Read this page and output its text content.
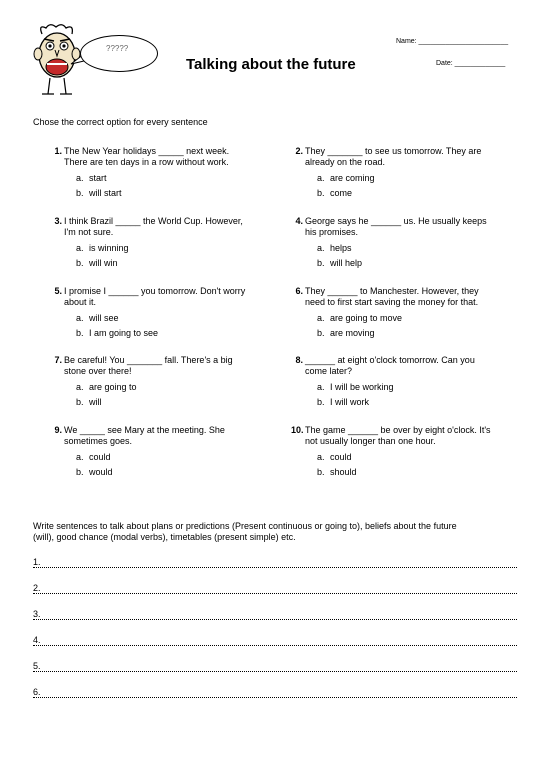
?????
Name: _______________________
Date: _____________
Talking about the future
Chose the correct option for every sentence
1. The New Year holidays _____ next week.
There are ten days in a row without work.
a. start
b. will start
2. They _______ to see us tomorrow. They are
already on the road.
a. are coming
b. come
3. I think Brazil _____ the World Cup. However,
I'm not sure.
a. is winning
b. will win
4. George says he ______ us. He usually keeps
his promises.
a. helps
b. will help
5. I promise I ______ you tomorrow. Don't worry
about it.
a. will see
b. I am going to see
6. They ______ to Manchester. However, they
need to first start saving the money for that.
a. are going to move
b. are moving
7. Be careful! You _______ fall. There's a big
stone over there!
a. are going to
b. will
8. ______ at eight o'clock tomorrow. Can you
come later?
a. I will be working
b. I will work
9. We _____ see Mary at the meeting. She
sometimes goes.
a. could
b. would
10. The game ______ be over by eight o'clock. It's
not usually longer than one hour.
a. could
b. should
Write sentences to talk about plans or predictions (Present continuous or going to), beliefs about the future
(will), good chance (modal verbs), timetables (present simple) etc.
1.
2.
3.
4.
5.
6.
